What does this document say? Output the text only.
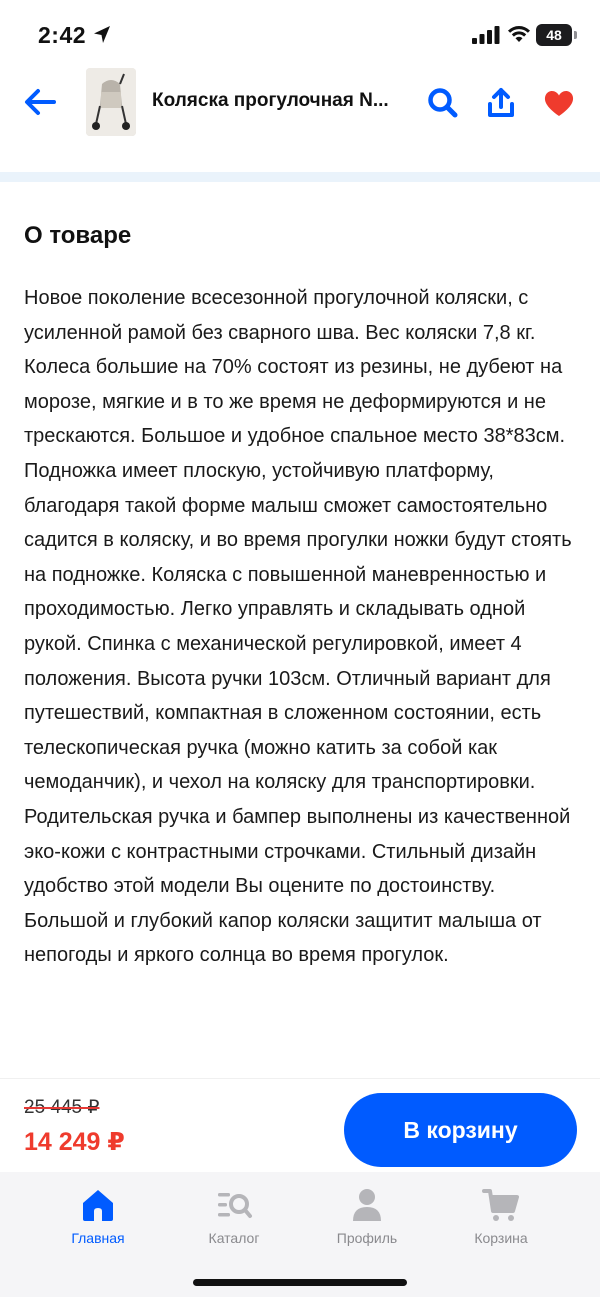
2:42	48
Коляска прогулочная N...
О товаре

Новое поколение всесезонной прогулочной коляски, с усиленной рамой без сварного шва. Вес коляски 7,8 кг. Колеса большие на 70% состоят из резины, не дубеют на морозе, мягкие и в то же время не деформируются и не трескаются. Большое и удобное спальное место 38*83см. Подножка имеет плоскую, устойчивую платформу, благодаря такой форме малыш сможет самостоятельно садится в коляску, и во время прогулки ножки будут стоять на подножке. Коляска с повышенной маневренностью и проходимостью. Легко управлять и складывать одной рукой. Спинка с механической регулировкой, имеет 4 положения. Высота ручки 103см. Отличный вариант для путешествий, компактная в сложенном состоянии, есть телескопическая ручка (можно катить за собой как чемоданчик), и чехол на коляску для транспортировки. Родительская ручка и бампер выполнены из качественной эко-кожи с контрастными строчками. Стильный дизайн удобство этой модели Вы оцените по достоинству. Большой и глубокий капор коляски защитит малыша от непогоды и яркого солнца во время прогулок.

25 445 ₽
14 249 ₽	В корзину
Главная	Каталог	Профиль	Корзина
